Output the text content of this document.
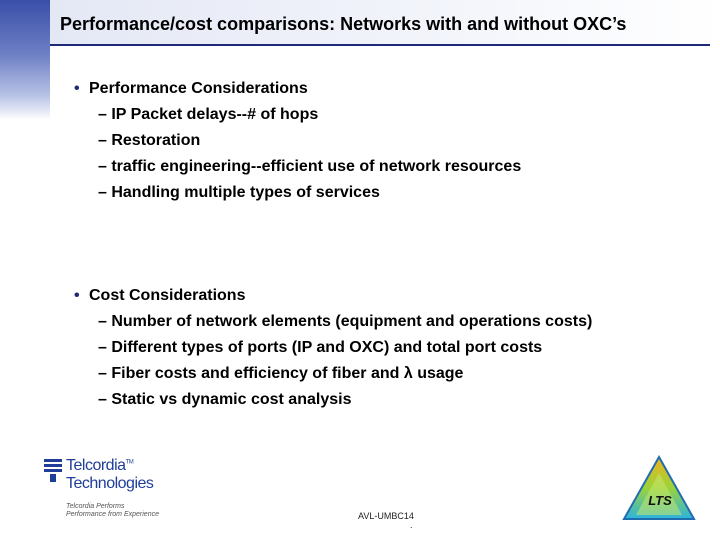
Performance/cost comparisons: Networks with and without OXC’s
• Performance Considerations
– IP Packet delays--# of hops
– Restoration
– traffic engineering--efficient use of network resources
– Handling multiple types of services
• Cost Considerations
– Number of network elements (equipment and operations costs)
– Different types of ports (IP and OXC) and total port costs
– Fiber costs and efficiency of fiber and λ usage
– Static vs dynamic cost analysis
Telcordia™
Technologies
Telcordia Performs
Performance from Experience	AVL-UMBC14
.
LTS
